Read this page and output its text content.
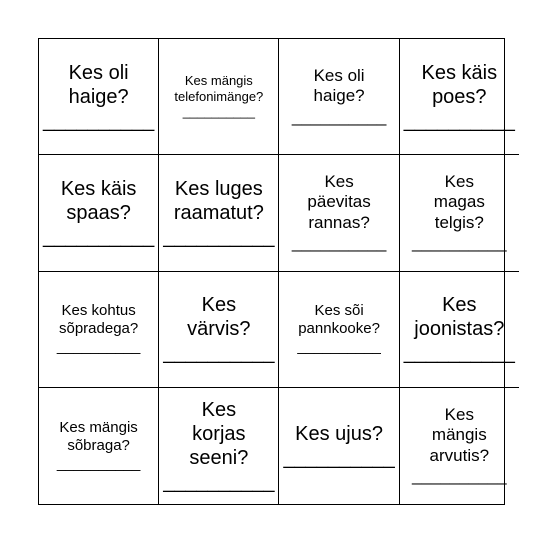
Kes oli
haige?
__________
Kes mängis
telefonimänge?
__________
Kes oli
haige?
__________
Kes käis
poes?
__________
Kes käis
spaas?
__________
Kes luges
raamatut?
__________
Kes
päevitas
rannas?
__________
Kes
magas
telgis?
__________
Kes kohtus
sõpradega?
__________
Kes
värvis?
__________
Kes sõi
pannkooke?
__________
Kes
joonistas?
__________
Kes mängis
sõbraga?
__________
Kes
korjas
seeni?
__________
Kes ujus?
__________
Kes
mängis
arvutis?
__________
